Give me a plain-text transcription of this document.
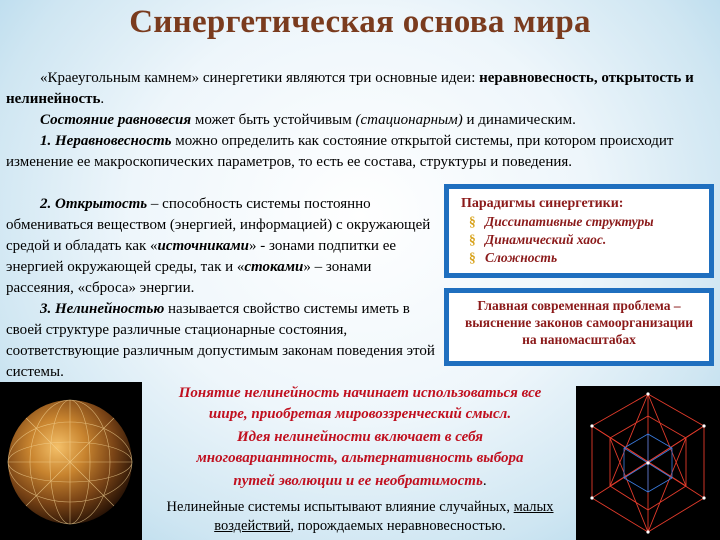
Синергетическая основа мира

«Краеугольным камнем» синергетики являются три основные идеи: неравновесность, открытость и нелинейность.

Состояние равновесия может быть устойчивым (стационарным) и динамическим.

1. Неравновесность можно определить как состояние открытой системы, при котором происходит изменение ее макроскопических параметров, то есть ее состава, структуры и поведения.

2. Открытость – способность системы постоянно обмениваться веществом (энергией, информацией) с окружающей средой и обладать как «источниками» - зонами подпитки ее энергией окружающей среды, так и «стоками» – зонами рассеяния, «сброса» энергии.

3. Нелинейностью называется свойство системы иметь в своей структуре различные стационарные состояния, соответствующие различным допустимым законам поведения этой системы.

Парадигмы синергетики:

§ Диссипативные структуры
§ Динамический хаос.
§ Сложность

Главная современная проблема – выяснение законов самоорганизации на наномасштабах

Понятие нелинейность начинает использоваться все

шире, приобретая мировоззренческий смысл.

Идея нелинейности включает в себя

многовариантность, альтернативность выбора

путей эволюции и ее необратимость.

Нелинейные системы испытывают влияние случайных, малых

воздействий, порождаемых неравновесностью.
